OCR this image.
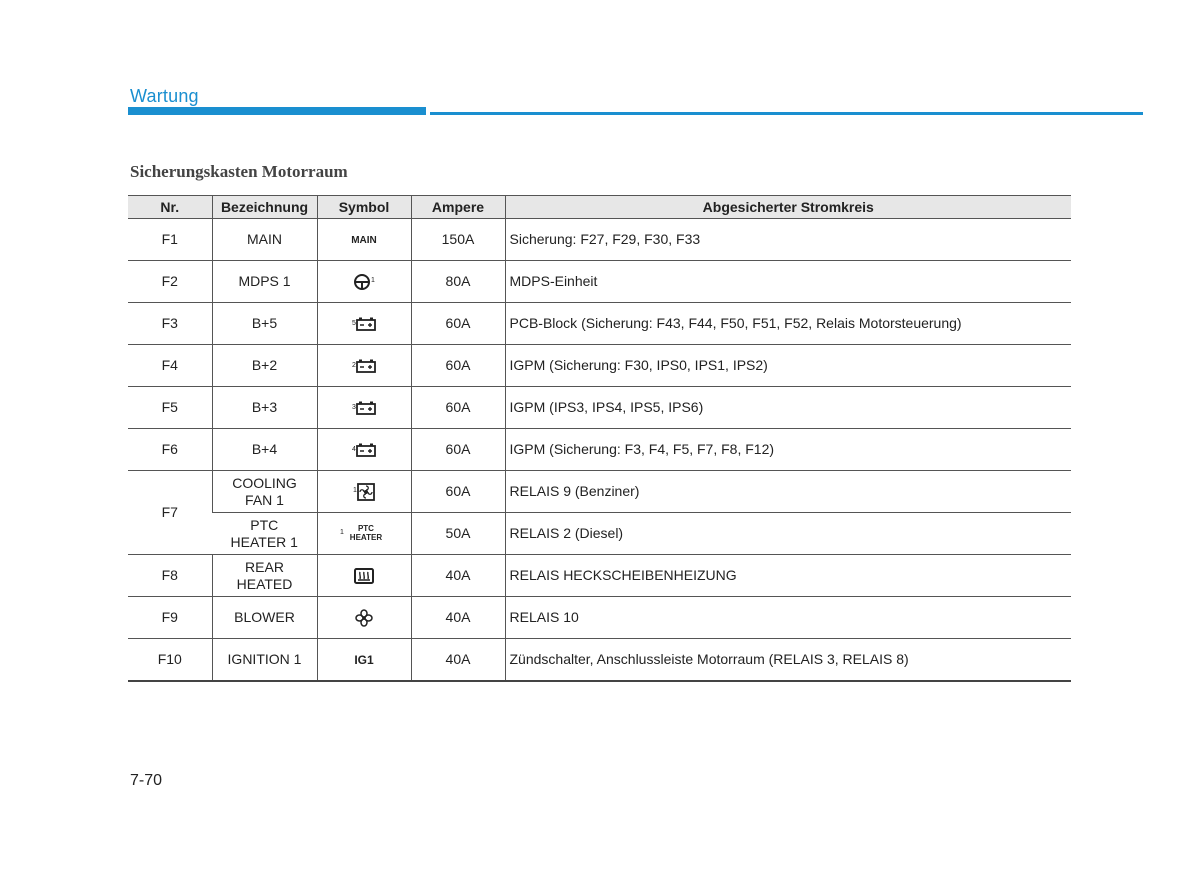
Wartung
Sicherungskasten Motorraum
Nr.	Bezeichnung	Symbol	Ampere	Abgesicherter Stromkreis
F1	MAIN	MAIN	150A	Sicherung: F27, F29, F30, F33
F2	MDPS 1	$^1$	80A	MDPS-Einheit
F3	B+5	$^5$	60A	PCB-Block (Sicherung: F43, F44, F50, F51, F52, Relais Motorsteuerung)
F4	B+2	$^2$	60A	IGPM (Sicherung: F30, IPS0, IPS1, IPS2)
F5	B+3	$^3$	60A	IGPM (IPS3, IPS4, IPS5, IPS6)
F6	B+4	$^4$	60A	IGPM (Sicherung: F3, F4, F5, F7, F8, F12)
F7	COOLING FAN 1	$^1$	60A	RELAIS 9 (Benziner)
	PTC HEATER 1	$^1$ PTC HEATER	50A	RELAIS 2 (Diesel)
F8	REAR HEATED		40A	RELAIS HECKSCHEIBENHEIZUNG
F9	BLOWER		40A	RELAIS 10
F10	IGNITION 1	IG1	40A	Zündschalter, Anschlussleiste Motorraum (RELAIS 3, RELAIS 8)
7-70
